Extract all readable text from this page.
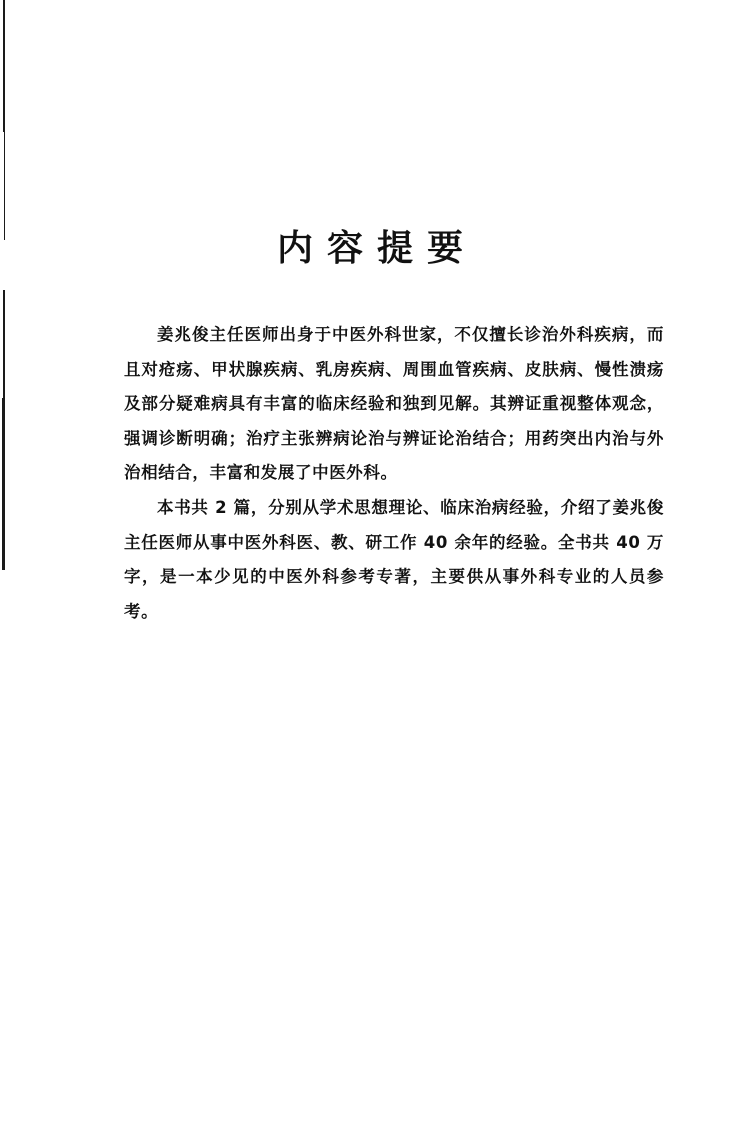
内容提要

姜兆俊主任医师出身于中医外科世家，不仅擅长诊治外科疾病，而且对疮疡、甲状腺疾病、乳房疾病、周围血管疾病、皮肤病、慢性溃疡及部分疑难病具有丰富的临床经验和独到见解。其辨证重视整体观念，强调诊断明确；治疗主张辨病论治与辨证论治结合；用药突出内治与外治相结合，丰富和发展了中医外科。

本书共 2 篇，分别从学术思想理论、临床治病经验，介绍了姜兆俊主任医师从事中医外科医、教、研工作 40 余年的经验。全书共 40 万字，是一本少见的中医外科参考专著，主要供从事外科专业的人员参考。
